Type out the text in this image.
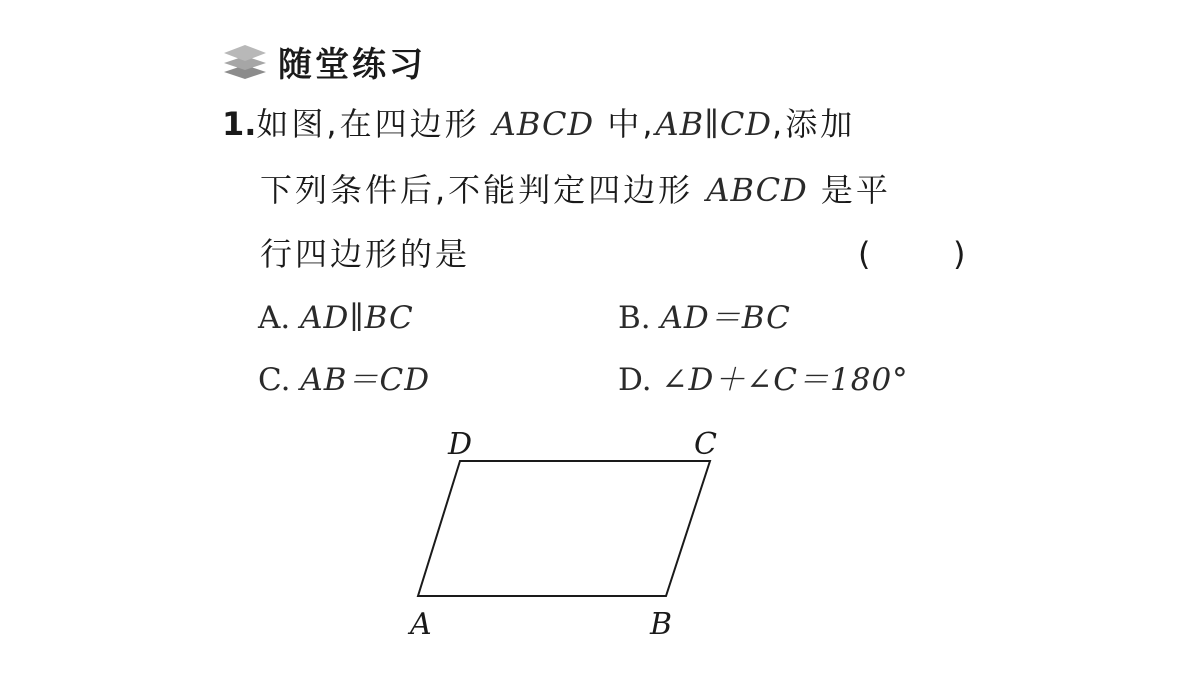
随堂练习
1.如图,在四边形 ABCD 中,AB∥CD,添加
下列条件后,不能判定四边形 ABCD 是平
行四边形的是	(	)
A. AD∥BC	B. AD＝BC
C. AB＝CD	D. ∠D＋∠C＝180°
D	C
A	B
